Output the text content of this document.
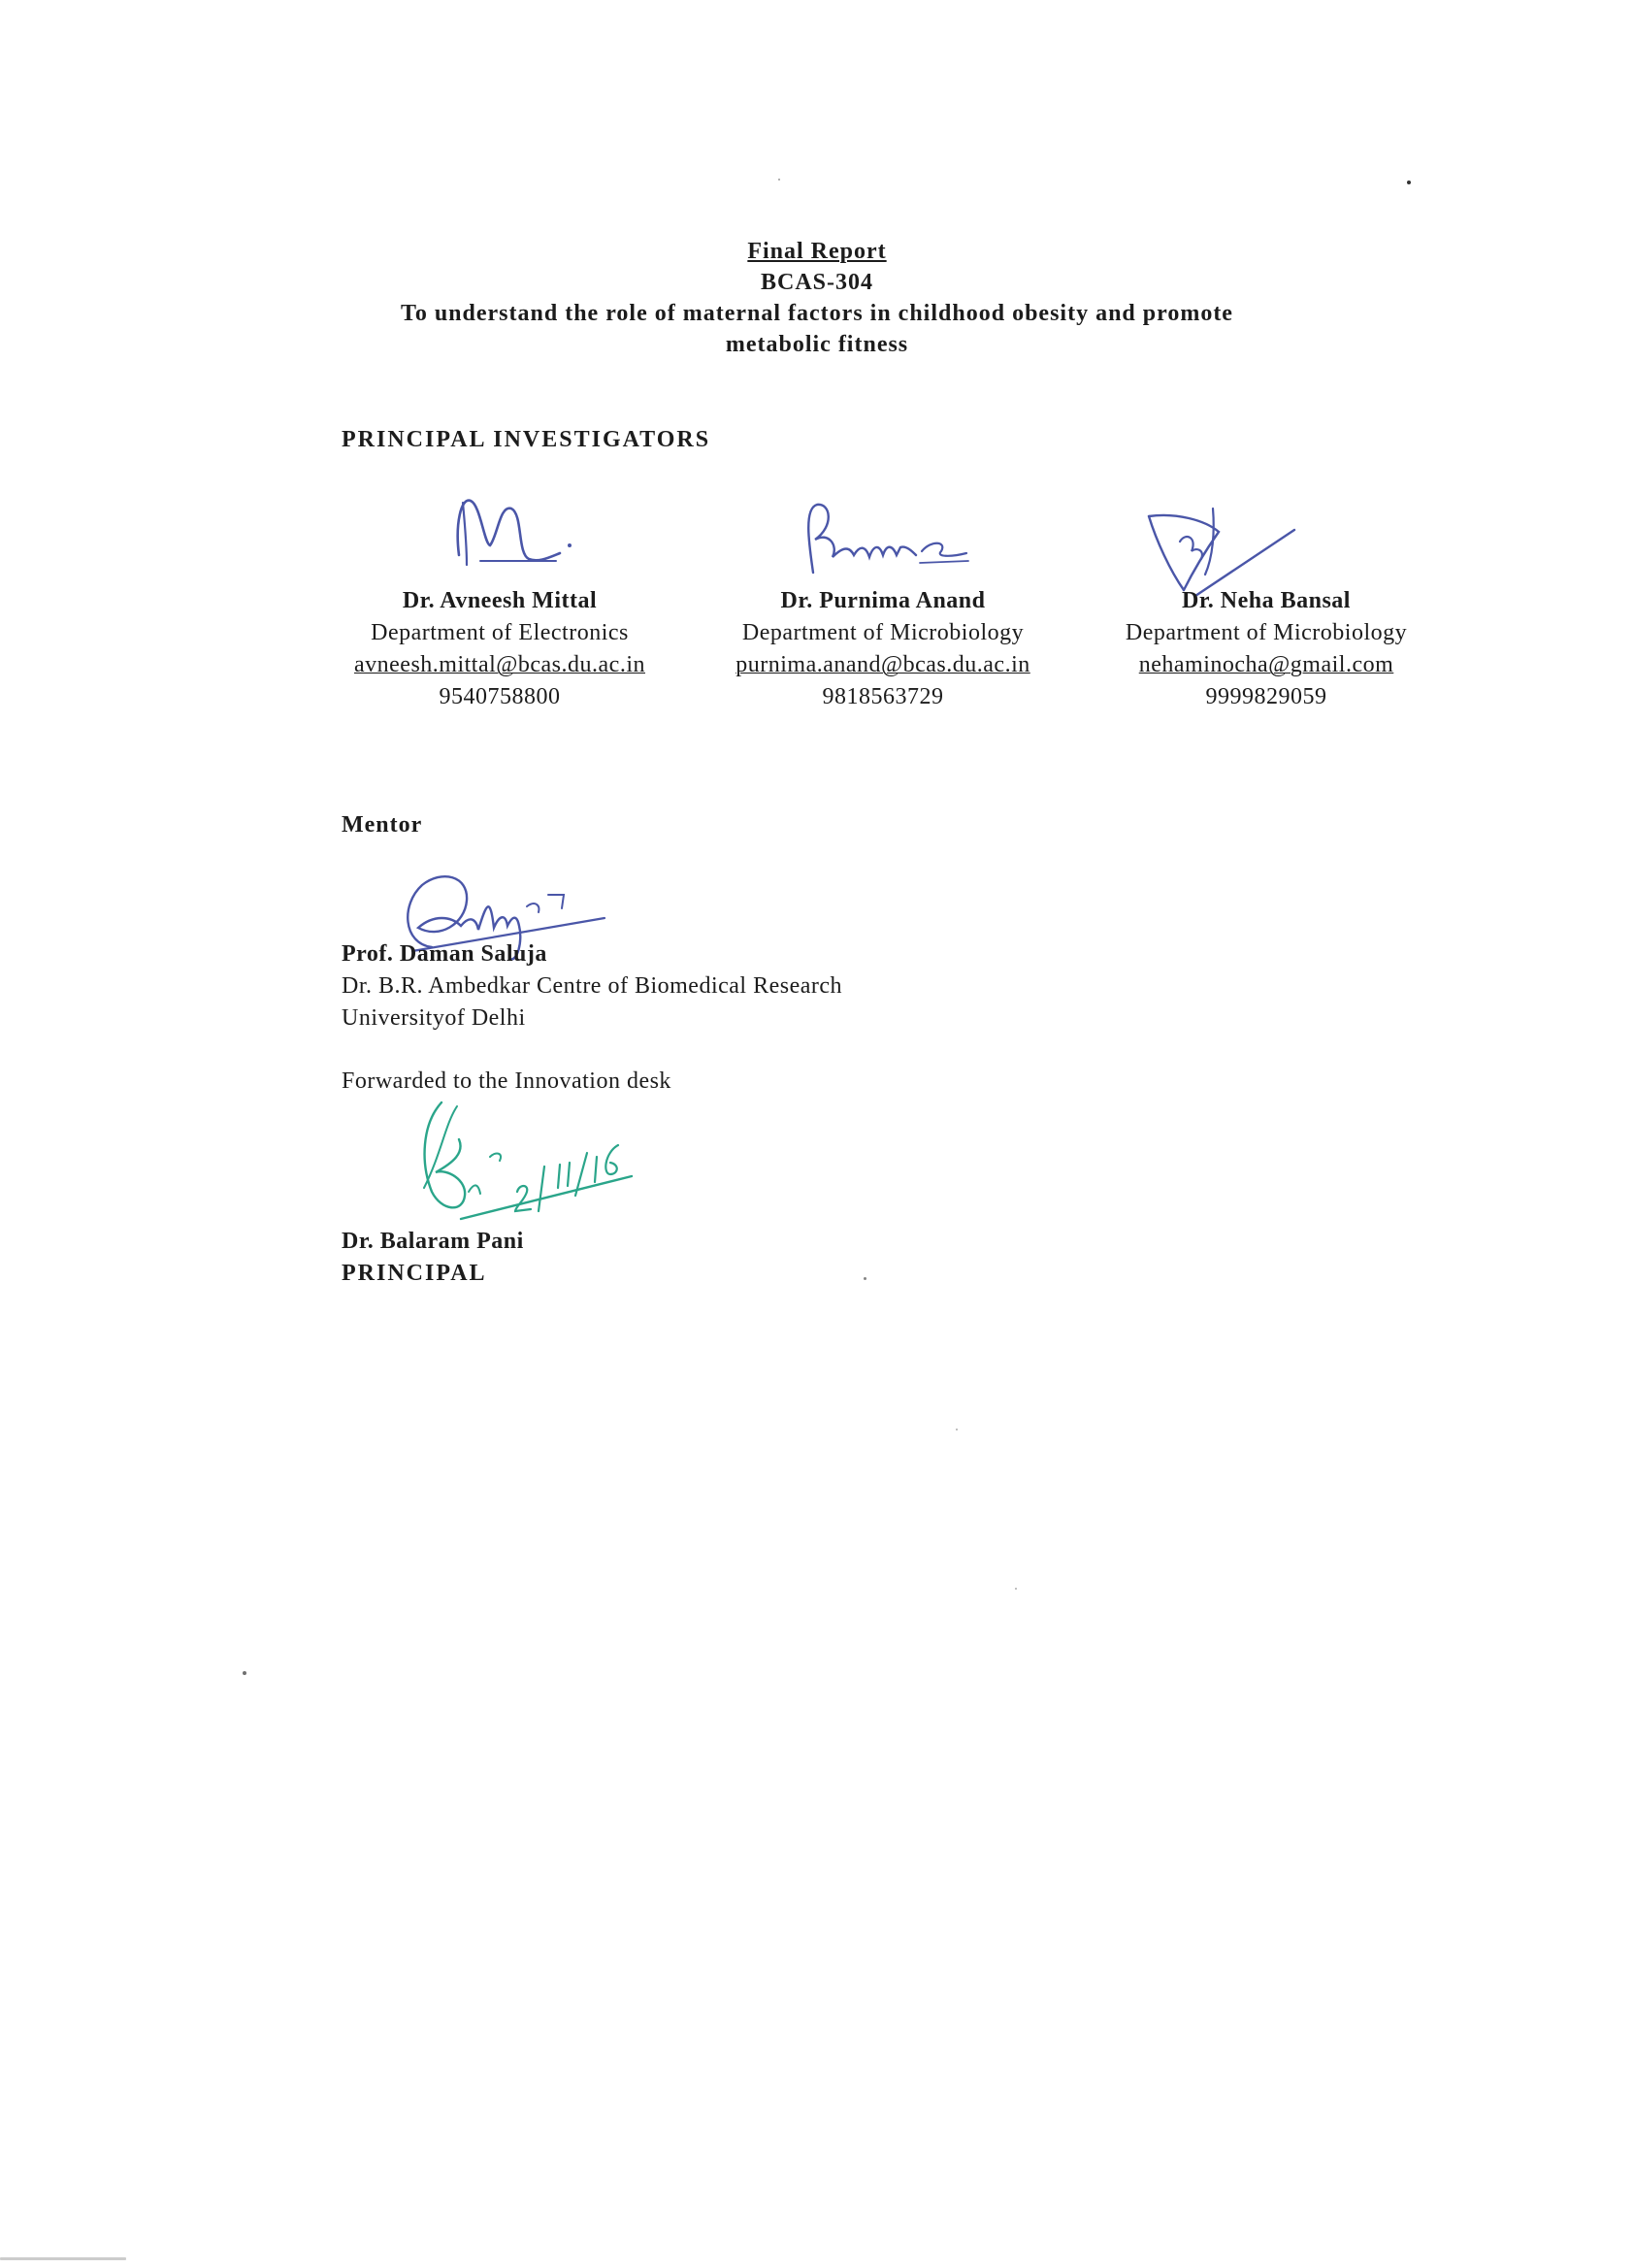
Final Report
BCAS-304
To understand the role of maternal factors in childhood obesity and promote
metabolic fitness
PRINCIPAL INVESTIGATORS
Dr. Avneesh Mittal
Department of Electronics
avneesh.mittal@bcas.du.ac.in
9540758800
Dr. Purnima Anand
Department of Microbiology
purnima.anand@bcas.du.ac.in
9818563729
Dr. Neha Bansal
Department of Microbiology
nehaminocha@gmail.com
9999829059
Mentor
Prof. Daman Saluja
Dr. B.R. Ambedkar Centre of Biomedical Research
Universityof Delhi
Forwarded to the Innovation desk
Dr. Balaram Pani
PRINCIPAL
